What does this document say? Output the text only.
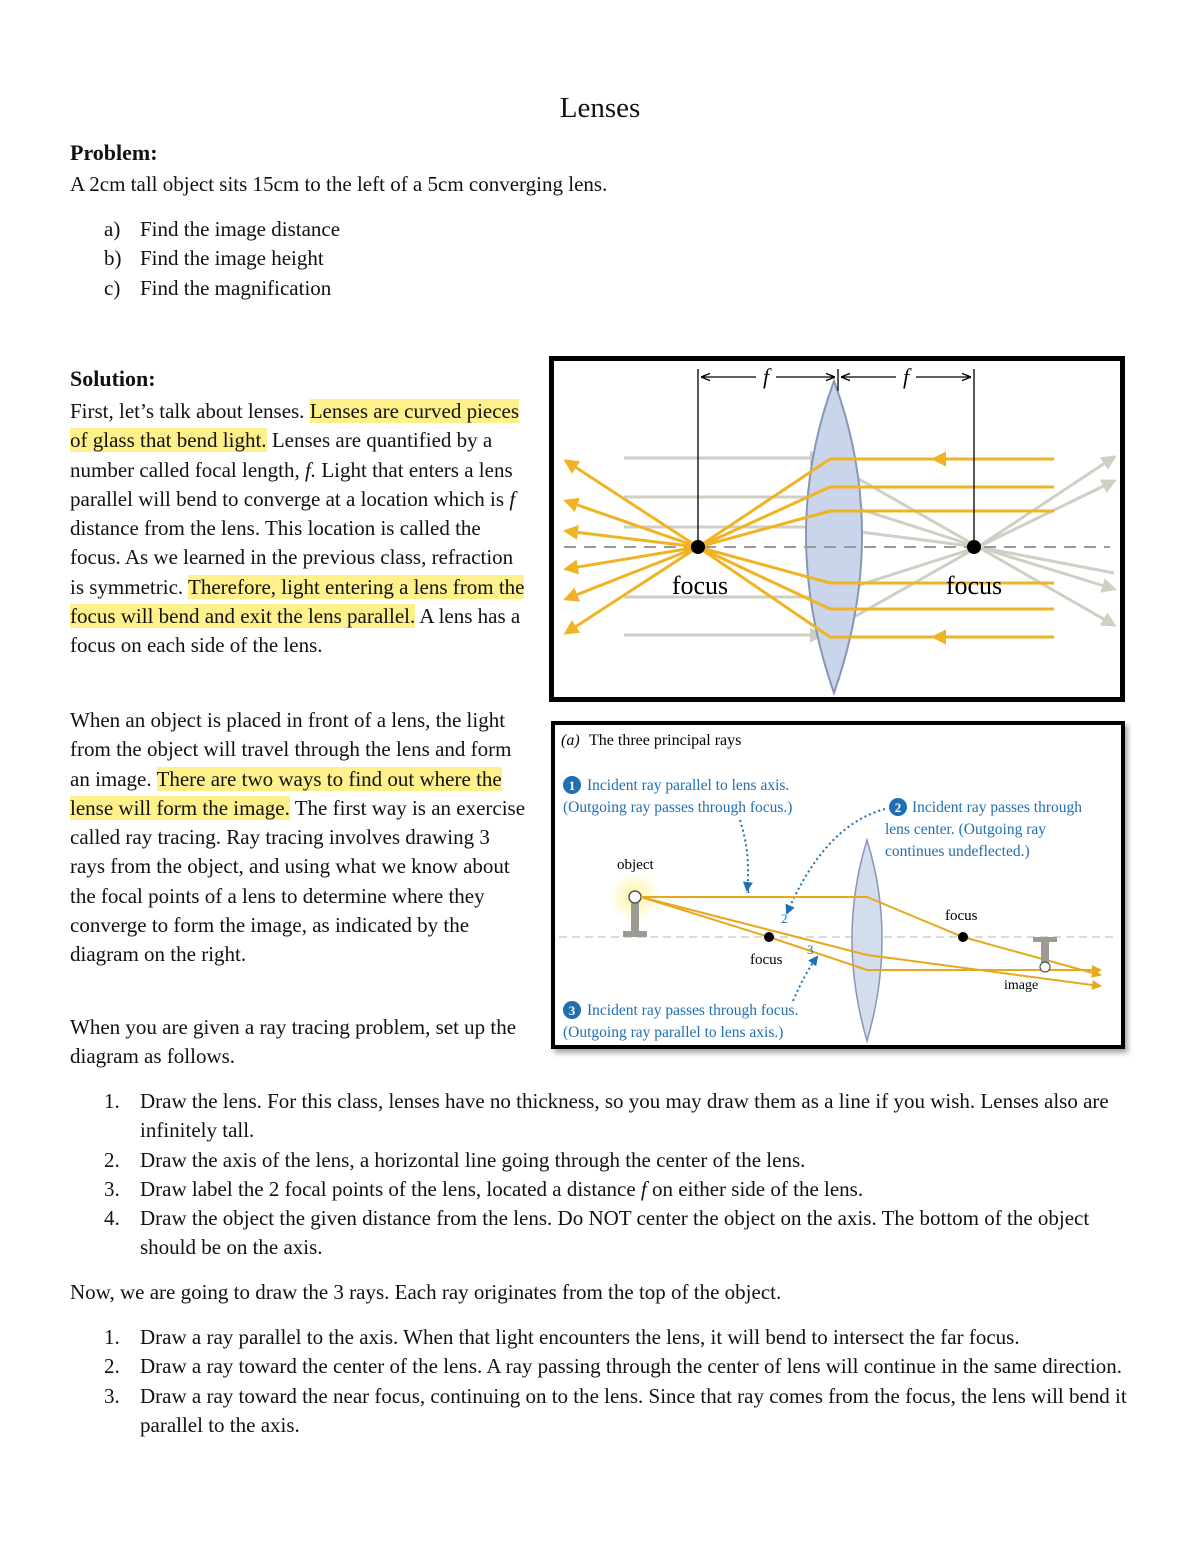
Lenses
Problem:
A 2cm tall object sits 15cm to the left of a 5cm converging lens.
a) Find the image distance
b) Find the image height
c) Find the magnification
Solution:

First, let’s talk about lenses. Lenses are curved pieces of glass that bend light. Lenses are quantified by a number called focal length, f. Light that enters a lens parallel will bend to converge at a location which is f distance from the lens. This location is called the focus. As we learned in the previous class, refraction is symmetric. Therefore, light entering a lens from the focus will bend and exit the lens parallel. A lens has a focus on each side of the lens.

When an object is placed in front of a lens, the light from the object will travel through the lens and form an image. There are two ways to find out where the lense will form the image. The first way is an exercise called ray tracing. Ray tracing involves drawing 3 rays from the object, and using what we know about the focal points of a lens to determine where they converge to form the image, as indicated by the diagram on the right.

When you are given a ray tracing problem, set up the diagram as follows.

1. Draw the lens. For this class, lenses have no thickness, so you may draw them as a line if you wish. Lenses also are infinitely tall.
2. Draw the axis of the lens, a horizontal line going through the center of the lens.
3. Draw label the 2 focal points of the lens, located a distance f on either side of the lens.
4. Draw the object the given distance from the lens. Do NOT center the object on the axis. The bottom of the object should be on the axis.

Now, we are going to draw the 3 rays. Each ray originates from the top of the object.

1. Draw a ray parallel to the axis. When that light encounters the lens, it will bend to intersect the far focus.
2. Draw a ray toward the center of the lens. A ray passing through the center of lens will continue in the same direction.
3. Draw a ray toward the near focus, continuing on to the lens. Since that ray comes from the focus, the lens will bend it parallel to the axis.
f	f
focus	focus
(a) The three principal rays
1 Incident ray parallel to lens axis.
(Outgoing ray passes through focus.)	2 Incident ray passes through
lens center. (Outgoing ray
continues undeflected.)
3 Incident ray passes through focus.
(Outgoing ray parallel to lens axis.)
object
1
2
3
focus
focus
image
